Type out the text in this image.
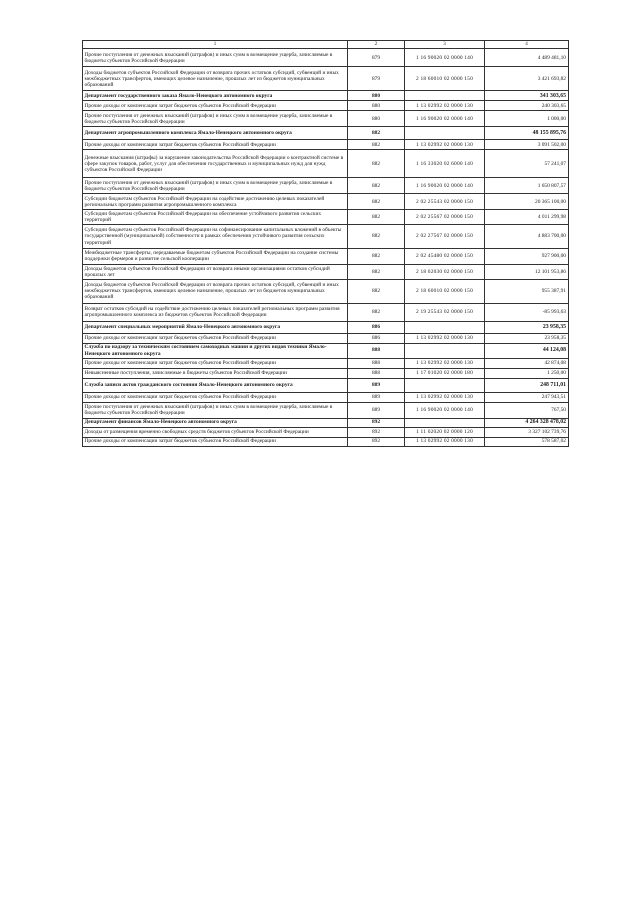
1	2	3	4
Прочие поступления от денежных взысканий (штрафов) и иных сумм в возмещение ущерба, зачисляемые в бюджеты субъектов Российской Федерации	879	1 16 90020 02 0000 140	4 489 481,10
Доходы бюджетов субъектов Российской Федерации от возврата прочих остатков субсидий, субвенций и иных межбюджетных трансфертов, имеющих целевое назначение, прошлых лет из бюджетов муниципальных образований	879	2 18 60010 02 0000 150	3 421 693,82
Департамент государственного заказа Ямало-Ненецкого автономного округа	880		341 303,65
Прочие доходы от компенсации затрат бюджетов субъектов Российской Федерации	880	1 13 02992 02 0000 130	240 303,65
Прочие поступления от денежных взысканий (штрафов) и иных сумм в возмещение ущерба, зачисляемые в бюджеты субъектов Российской Федерации	880	1 16 90020 02 0000 140	1 000,00
Департамент агропромышленного комплекса Ямало-Ненецкого автономного округа	882		48 155 895,76
Прочие доходы от компенсации затрат бюджетов субъектов Российской Федерации	882	1 13 02992 02 0000 130	3 091 502,00
Денежные взыскания (штрафы) за нарушение законодательства Российской Федерации о контрактной системе в сфере закупок товаров, работ, услуг для обеспечения государственных и муниципальных нужд для нужд субъектов Российской Федерации	882	1 16 33020 02 6000 140	57 241,07
Прочие поступления от денежных взысканий (штрафов) и иных сумм в возмещение ущерба, зачисляемые в бюджеты субъектов Российской Федерации	882	1 16 90020 02 0000 140	1 650 807,57
Субсидии бюджетам субъектов Российской Федерации на содействие достижению целевых показателей региональных программ развития агропромышленного комплекса	882	2 02 25543 02 0000 150	20 365 100,00
Субсидии бюджетам субъектов Российской Федерации на обеспечение устойчивого развития сельских территорий	882	2 02 25567 02 0000 150	4 011 299,98
Субсидии бюджетам субъектов Российской Федерации на софинансирование капитальных вложений в объекты государственной (муниципальной) собственности в рамках обеспечения устойчивого развития сельских территорий	882	2 02 27567 02 0000 150	4 883 700,00
Межбюджетные трансферты, передаваемые бюджетам субъектов Российской Федерации на создание системы поддержки фермеров и развитие сельской кооперации	882	2 02 45480 02 0000 150	927 900,00
Доходы бюджетов субъектов Российской Федерации от возврата иными организациями остатков субсидий прошлых лет	882	2 18 02030 02 0000 150	12 101 953,86
Доходы бюджетов субъектов Российской Федерации от возврата прочих остатков субсидий, субвенций и иных межбюджетных трансфертов, имеющих целевое назначение, прошлых лет из бюджетов муниципальных образований	882	2 18 60010 02 0000 150	955 387,91
Возврат остатков субсидий на содействие достижению целевых показателей региональных программ развития агропромышленного комплекса из бюджетов субъектов Российской Федерации	882	2 19 25543 02 0000 150	-85 993,63
Департамент специальных мероприятий Ямало-Ненецкого автономного округа	886		23 958,35
Прочие доходы от компенсации затрат бюджетов субъектов Российской Федерации	886	1 13 02992 02 0000 130	23 958,35
Служба по надзору за техническим состоянием самоходных машин и других видов техники Ямало-Ненецкого автономного округа	888		44 124,08
Прочие доходы от компенсации затрат бюджетов субъектов Российской Федерации	888	1 13 02992 02 0000 130	42 874,08
Невыясненные поступления, зачисляемые в бюджеты субъектов Российской Федерации	888	1 17 01020 02 0000 180	1 250,00
Служба записи актов гражданского состояния Ямало-Ненецкого автономного округа	889		248 711,01
Прочие доходы от компенсации затрат бюджетов субъектов Российской Федерации	889	1 13 02992 02 0000 130	247 943,51
Прочие поступления от денежных взысканий (штрафов) и иных сумм в возмещение ущерба, зачисляемые в бюджеты субъектов Российской Федерации	889	1 16 90020 02 0000 140	767,50
Департамент финансов Ямало-Ненецкого автономного округа	892		4 264 328 478,02
Доходы от размещения временно свободных средств бюджетов субъектов Российской Федерации	892	1 11 02020 02 0000 120	3 327 102 739,76
Прочие доходы от компенсации затрат бюджетов субъектов Российской Федерации	892	1 13 02992 02 0000 130	578 587,02
